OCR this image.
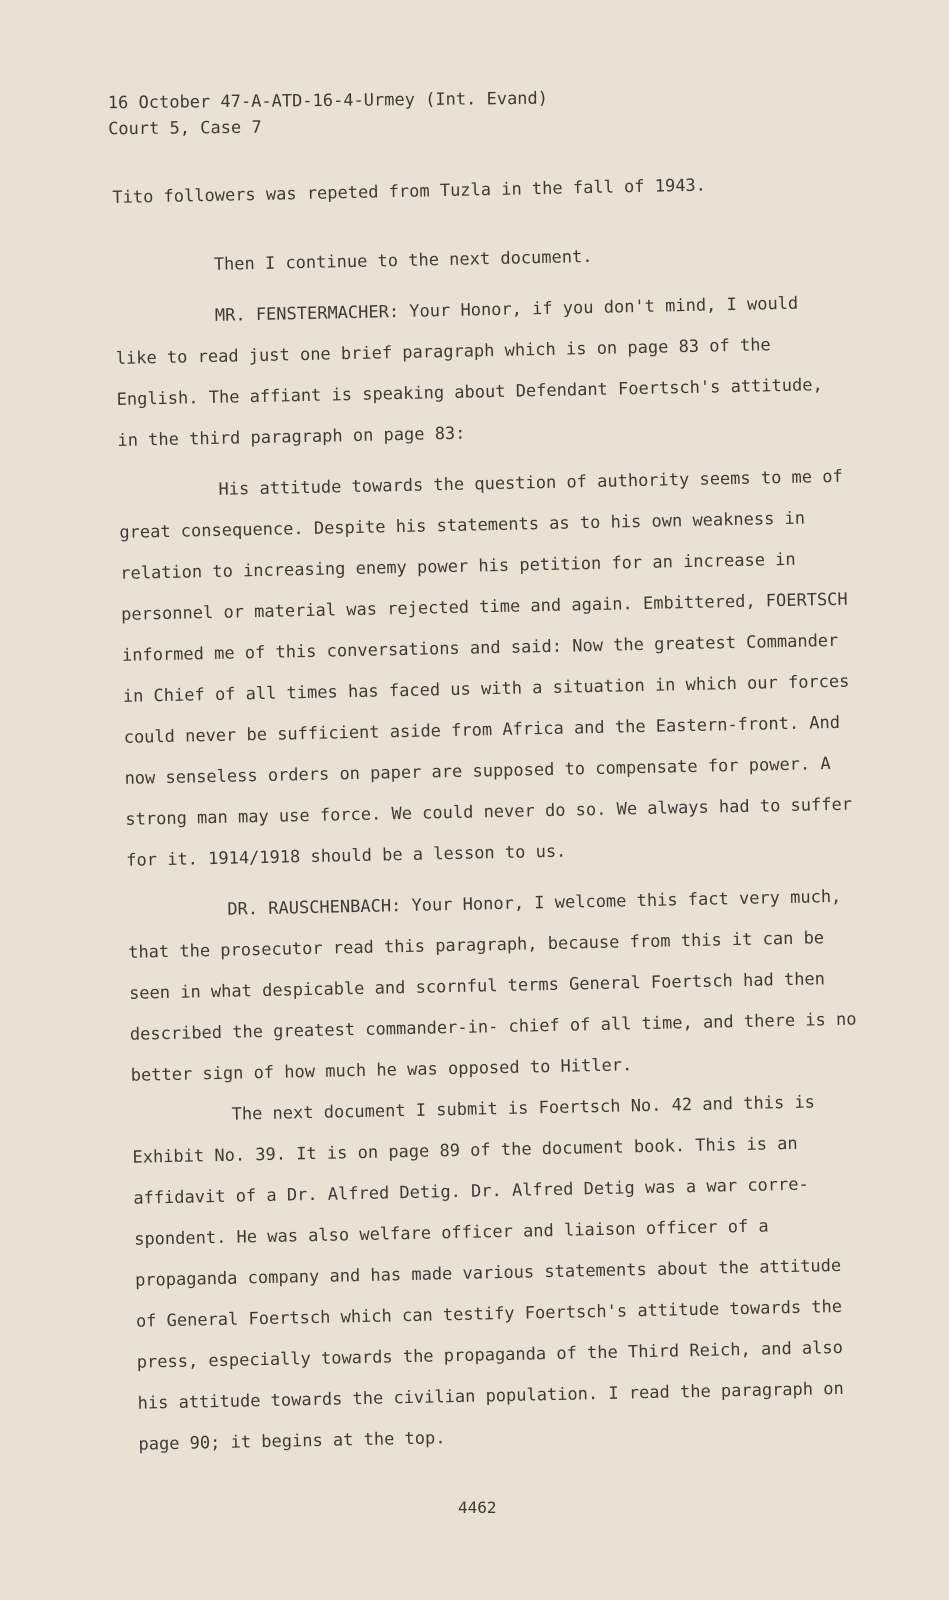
16 October 47-A-ATD-16-4-Urmey (Int. Evand)
Court 5, Case 7

Tito followers was repeted from Tuzla in the fall of 1943.

Then I continue to the next document.

MR. FENSTERMACHER: Your Honor, if you don't mind, I would like to read just one brief paragraph which is on page 83 of the English. The affiant is speaking about Defendant Foertsch's attitude, in the third paragraph on page 83:

His attitude towards the question of authority seems to me of great consequence. Despite his statements as to his own weakness in relation to increasing enemy power his petition for an increase in personnel or material was rejected time and again. Embittered, FOERTSCH informed me of this conversations and said: Now the greatest Commander in Chief of all times has faced us with a situation in which our forces could never be sufficient aside from Africa and the Eastern-front. And now senseless orders on paper are supposed to compensate for power. A strong man may use force. We could never do so. We always had to suffer for it. 1914/1918 should be a lesson to us.

DR. RAUSCHENBACH: Your Honor, I welcome this fact very much, that the prosecutor read this paragraph, because from this it can be seen in what despicable and scornful terms General Foertsch had then described the greatest commander-in- chief of all time, and there is no better sign of how much he was opposed to Hitler.

The next document I submit is Foertsch No. 42 and this is Exhibit No. 39. It is on page 89 of the document book. This is an affidavit of a Dr. Alfred Detig. Dr. Alfred Detig was a war corre- spondent. He was also welfare officer and liaison officer of a propaganda company and has made various statements about the attitude of General Foertsch which can testify Foertsch's attitude towards the press, especially towards the propaganda of the Third Reich, and also his attitude towards the civilian population. I read the paragraph on page 90; it begins at the top.

4462
